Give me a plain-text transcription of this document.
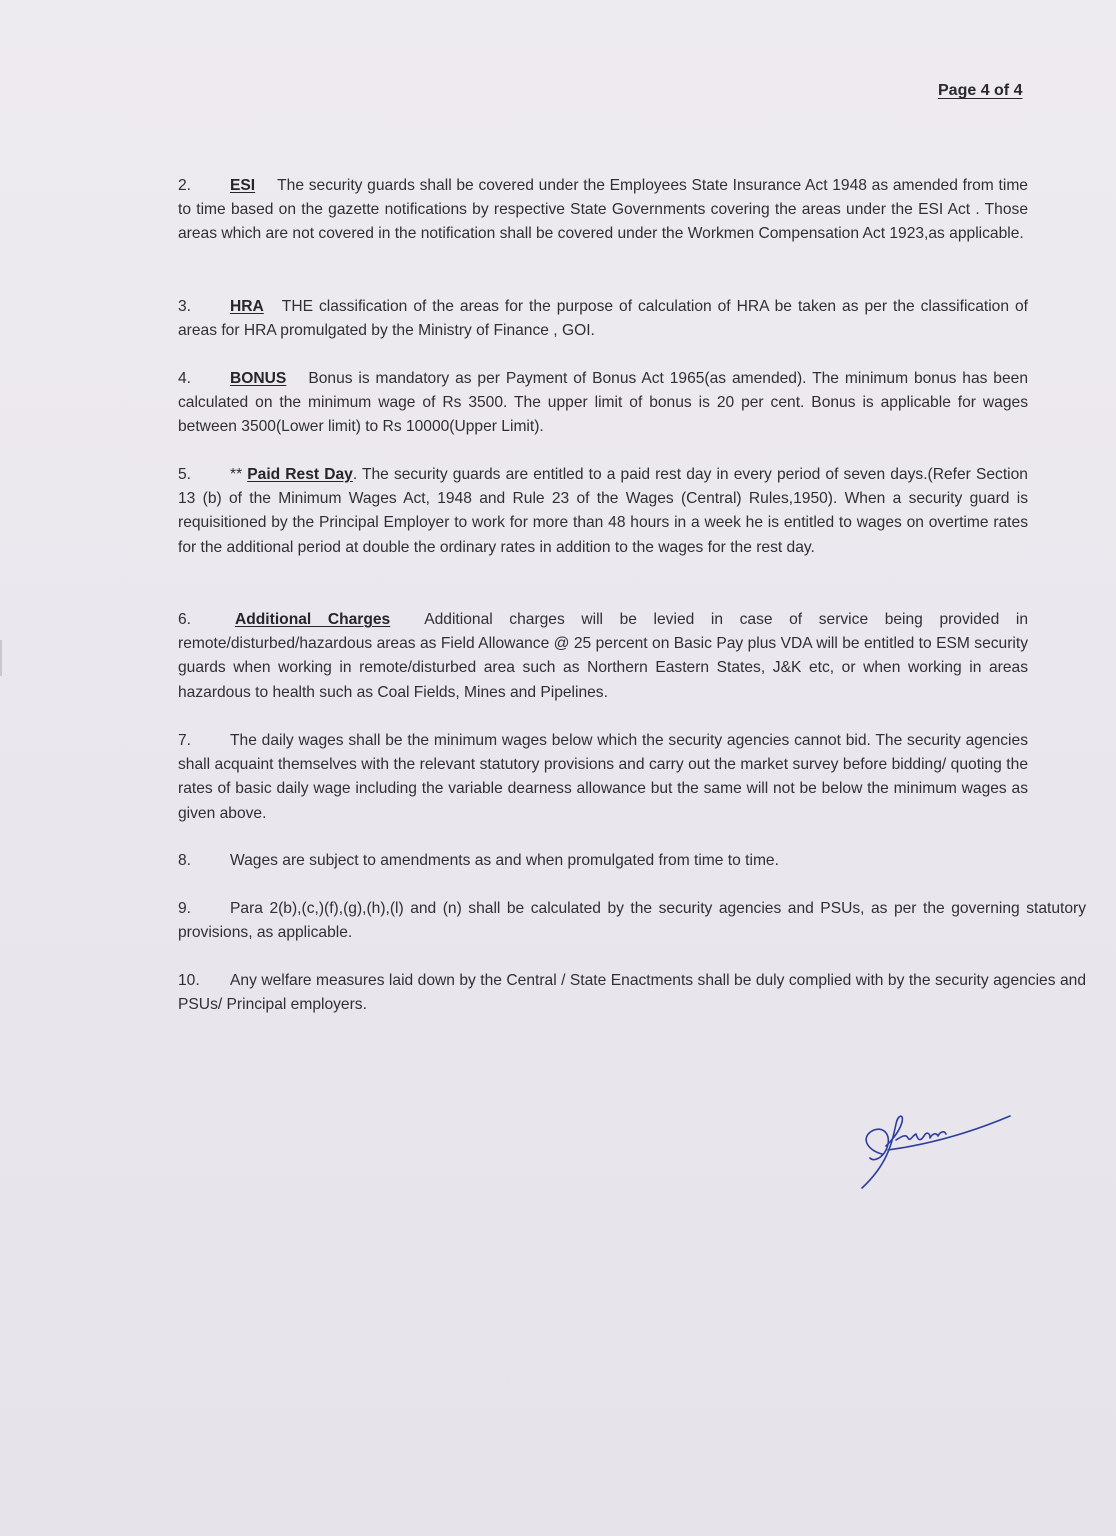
Page 4 of 4
2. ESI The security guards shall be covered under the Employees State Insurance Act 1948 as amended from time to time based on the gazette notifications by respective State Governments covering the areas under the ESI Act . Those areas which are not covered in the notification shall be covered under the Workmen Compensation Act 1923,as applicable.
3. HRA THE classification of the areas for the purpose of calculation of HRA be taken as per the classification of areas for HRA promulgated by the Ministry of Finance , GOI.
4. BONUS Bonus is mandatory as per Payment of Bonus Act 1965(as amended). The minimum bonus has been calculated on the minimum wage of Rs 3500. The upper limit of bonus is 20 per cent. Bonus is applicable for wages between 3500(Lower limit) to Rs 10000(Upper Limit).
5. ** Paid Rest Day. The security guards are entitled to a paid rest day in every period of seven days.(Refer Section 13 (b) of the Minimum Wages Act, 1948 and Rule 23 of the Wages (Central) Rules,1950). When a security guard is requisitioned by the Principal Employer to work for more than 48 hours in a week he is entitled to wages on overtime rates for the additional period at double the ordinary rates in addition to the wages for the rest day.
6.	Additional Charges Additional charges will be levied in case of service being provided in remote/disturbed/hazardous areas as Field Allowance @ 25 percent on Basic Pay plus VDA will be entitled to ESM security guards when working in remote/disturbed area such as Northern Eastern States, J&K etc, or when working in areas hazardous to health such as Coal Fields, Mines and Pipelines.
7. The daily wages shall be the minimum wages below which the security agencies cannot bid. The security agencies shall acquaint themselves with the relevant statutory provisions and carry out the market survey before bidding/ quoting the rates of basic daily wage including the variable dearness allowance but the same will not be below the minimum wages as given above.
8. Wages are subject to amendments as and when promulgated from time to time.
9. Para 2(b),(c,)(f),(g),(h),(l) and (n) shall be calculated by the security agencies and PSUs, as per the governing statutory provisions, as applicable.
10. Any welfare measures laid down by the Central / State Enactments shall be duly complied with by the security agencies and PSUs/ Principal employers.
